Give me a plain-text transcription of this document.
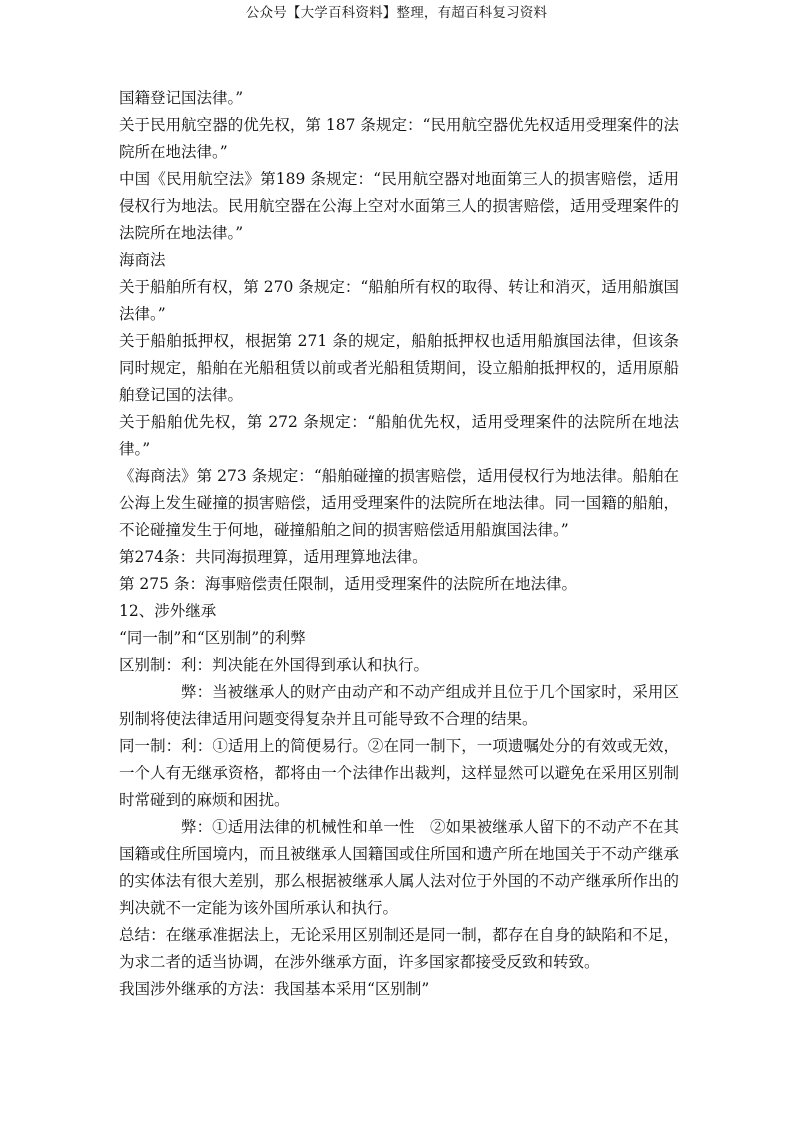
公众号【大学百科资料】整理，有超百科复习资料

国籍登记国法律。”

关于民用航空器的优先权，第 187 条规定：“民用航空器优先权适用受理案件的法院所在地法律。”

中国《民用航空法》第189 条规定：“民用航空器对地面第三人的损害赔偿，适用侵权行为地法。民用航空器在公海上空对水面第三人的损害赔偿，适用受理案件的法院所在地法律。”

海商法

关于船舶所有权，第 270 条规定：“船舶所有权的取得、转让和消灭，适用船旗国法律。”

关于船舶抵押权，根据第 271 条的规定，船舶抵押权也适用船旗国法律，但该条同时规定，船舶在光船租赁以前或者光船租赁期间，设立船舶抵押权的，适用原船舶登记国的法律。

关于船舶优先权，第 272 条规定：“船舶优先权，适用受理案件的法院所在地法律。”

《海商法》第 273 条规定：“船舶碰撞的损害赔偿，适用侵权行为地法律。船舶在公海上发生碰撞的损害赔偿，适用受理案件的法院所在地法律。同一国籍的船舶，不论碰撞发生于何地，碰撞船舶之间的损害赔偿适用船旗国法律。”

第274条：共同海损理算，适用理算地法律。

第 275 条：海事赔偿责任限制，适用受理案件的法院所在地法律。

12、涉外继承

“同一制”和“区别制”的利弊

区别制：利：判决能在外国得到承认和执行。

弊：当被继承人的财产由动产和不动产组成并且位于几个国家时，采用区别制将使法律适用问题变得复杂并且可能导致不合理的结果。

同一制：利：①适用上的简便易行。②在同一制下，一项遗嘱处分的有效或无效，一个人有无继承资格，都将由一个法律作出裁判，这样显然可以避免在采用区别制时常碰到的麻烦和困扰。

弊：①适用法律的机械性和单一性　②如果被继承人留下的不动产不在其国籍或住所国境内，而且被继承人国籍国或住所国和遗产所在地国关于不动产继承的实体法有很大差别，那么根据被继承人属人法对位于外国的不动产继承所作出的判决就不一定能为该外国所承认和执行。

总结：在继承准据法上，无论采用区别制还是同一制，都存在自身的缺陷和不足，为求二者的适当协调，在涉外继承方面，许多国家都接受反致和转致。

我国涉外继承的方法：我国基本采用“区别制”
